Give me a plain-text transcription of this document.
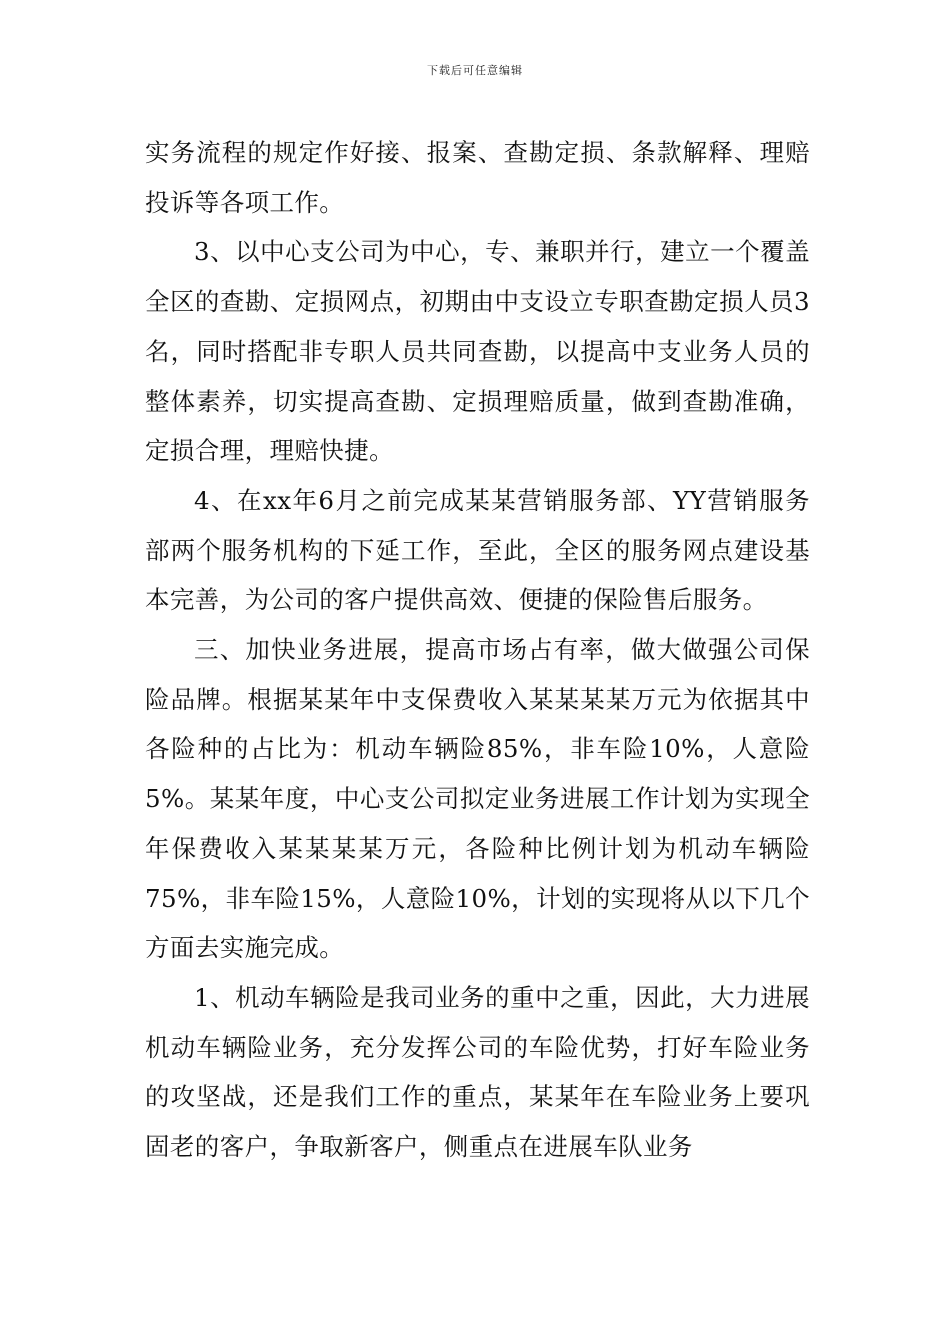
下载后可任意编辑

实务流程的规定作好接、报案、查勘定损、条款解释、理赔投诉等各项工作。

3、以中心支公司为中心，专、兼职并行，建立一个覆盖全区的查勘、定损网点，初期由中支设立专职查勘定损人员3名，同时搭配非专职人员共同查勘，以提高中支业务人员的整体素养，切实提高查勘、定损理赔质量，做到查勘准确，定损合理，理赔快捷。

4、在xx年6月之前完成某某营销服务部、YY营销服务部两个服务机构的下延工作，至此，全区的服务网点建设基本完善，为公司的客户提供高效、便捷的保险售后服务。

三、加快业务进展，提高市场占有率，做大做强公司保险品牌。根据某某年中支保费收入某某某某万元为依据其中各险种的占比为：机动车辆险85%，非车险10%，人意险5%。某某年度，中心支公司拟定业务进展工作计划为实现全年保费收入某某某某万元，各险种比例计划为机动车辆险75%，非车险15%，人意险10%，计划的实现将从以下几个方面去实施完成。

1、机动车辆险是我司业务的重中之重，因此，大力进展机动车辆险业务，充分发挥公司的车险优势，打好车险业务的攻坚战，还是我们工作的重点，某某年在车险业务上要巩固老的客户，争取新客户，侧重点在进展车队业务
